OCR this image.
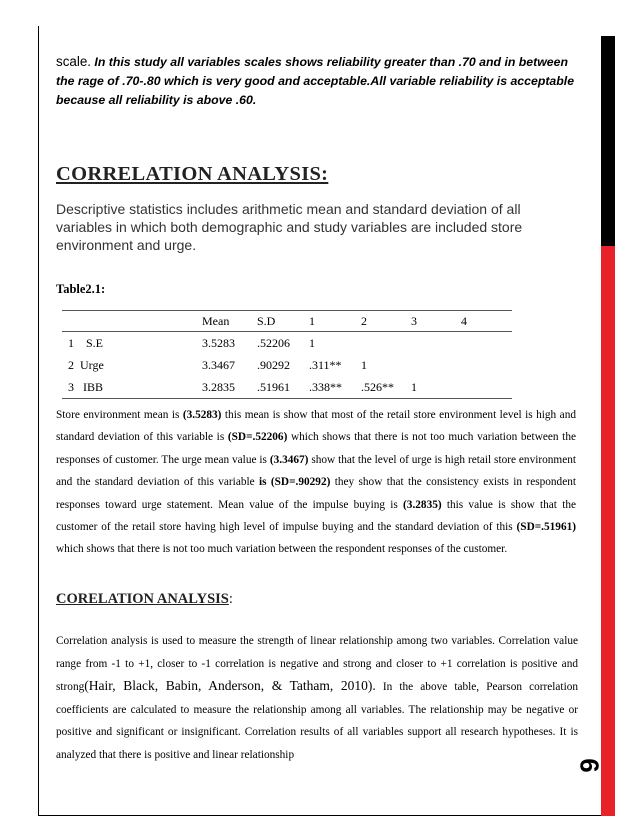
6

scale. In this study all variables scales shows reliability greater than .70 and in between the rage of .70-.80 which is very good and acceptable.All variable reliability is acceptable because all reliability is above .60.

CORRELATION ANALYSIS:

Descriptive statistics includes arithmetic mean and standard deviation of all variables in which both demographic and study variables are included store environment and urge.

Table2.1:

	Mean	S.D	1	2	3	4
1    S.E	3.5283	.52206	1			
2  Urge	3.3467	.90292	.311**	1		
3   IBB	3.2835	.51961	.338**	.526**	1	

Store environment mean is (3.5283) this mean is show that most of the retail store environment level is high and standard deviation of this variable is (SD=.52206) which shows that there is not too much variation between the responses of customer. The urge mean value is (3.3467) show that the level of urge is high retail store environment and the standard deviation of this variable is (SD=.90292) they show that the consistency exists in respondent responses toward urge statement. Mean value of the impulse buying is (3.2835) this value is show that the customer of the retail store having high level of impulse buying and the standard deviation of this (SD=.51961) which shows that there is not too much variation between the respondent responses of the customer.

CORELATION ANALYSIS:

Correlation analysis is used to measure the strength of linear relationship among two variables. Correlation value range from -1 to +1, closer to -1 correlation is negative and strong and closer to +1 correlation is positive and strong(Hair, Black, Babin, Anderson, & Tatham, 2010). In the above table, Pearson correlation coefficients are calculated to measure the relationship among all variables. The relationship may be negative or positive and significant or insignificant. Correlation results of all variables support all research hypotheses. It is analyzed that there is positive and linear relationship
